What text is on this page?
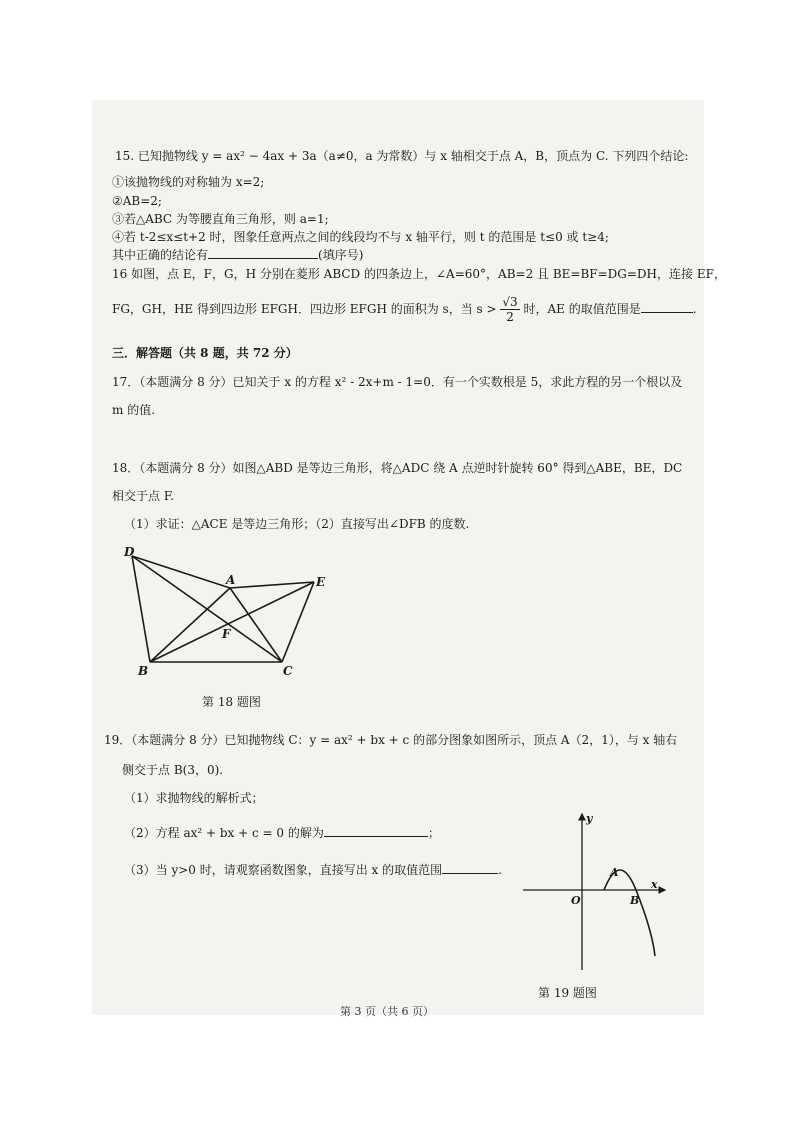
15. 已知抛物线 y = ax² − 4ax + 3a（a≠0，a 为常数）与 x 轴相交于点 A，B，顶点为 C. 下列四个结论:
①该抛物线的对称轴为 x=2;
②AB=2;
③若△ABC 为等腰直角三角形，则 a=1;
④若 t-2≤x≤t+2 时，图象任意两点之间的线段均不与 x 轴平行，则 t 的范围是 t≤0 或 t≥4;
其中正确的结论有	(填序号)
16 如图，点 E，F，G，H 分别在菱形 ABCD 的四条边上，∠A=60°，AB=2 且 BE=BF=DG=DH，连接 EF，
FG，GH，HE 得到四边形 EFGH．四边形 EFGH 的面积为 s，当 $s > \frac{√3}{2}$ 时，AE 的取值范围是	.
三．解答题（共 8 题，共 72 分）
17．（本题满分 8 分）已知关于 x 的方程 x² - 2x+m - 1=0．有一个实数根是 5，求此方程的另一个根以及
m 的值.
18．（本题满分 8 分）如图△ABD 是等边三角形，将△ADC 绕 A 点逆时针旋转 60° 得到△ABE，BE，DC
相交于点 F.
（1）求证：△ACE 是等边三角形；（2）直接写出∠DFB 的度数.
D
A	E
F
B	C
第 18 题图
19．（本题满分 8 分）已知抛物线 C：y = ax² + bx + c 的部分图象如图所示，顶点 A（2，1），与 x 轴右
侧交于点 B(3，0).
（1）求抛物线的解析式；
（2）方程 ax² + bx + c = 0 的解为	；
（3）当 y>0 时，请观察函数图象，直接写出 x 的取值范围	.
y
x
O
A
B
第 19 题图
第 3 页（共 6 页）
